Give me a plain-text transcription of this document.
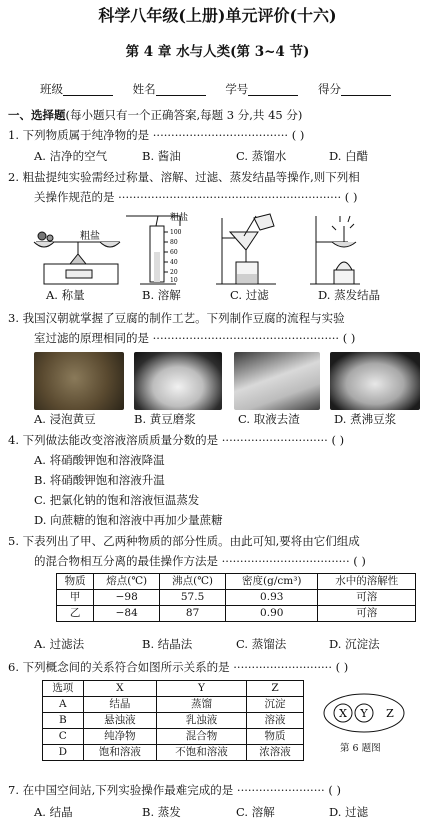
科学八年级(上册)单元评价(十六)
第 4 章 水与人类(第 3~4 节)
班级	姓名	学号	得分
一、选择题(每小题只有一个正确答案,每题 3 分,共 45 分)
1. 下列物质属于纯净物的是 ····································· ( )
A. 洁净的空气	B. 酱油	C. 蒸馏水	D. 白醋
2. 粗盐提纯实验需经过称量、溶解、过滤、蒸发结晶等操作,则下列相
关操作规范的是 ····························································· ( )
粗盐
粗盐
100
80
60
40
20
10
A. 称量	B. 溶解	C. 过滤	D. 蒸发结晶
3. 我国汉朝就掌握了豆腐的制作工艺。下列制作豆腐的流程与实验
室过滤的原理相同的是 ··················································· ( )
A. 浸泡黄豆	B. 黄豆磨浆	C. 取液去渣	D. 煮沸豆浆
4. 下列做法能改变溶液溶质质量分数的是 ····························· ( )
A. 将硝酸钾饱和溶液降温
B. 将硝酸钾饱和溶液升温
C. 把氯化钠的饱和溶液恒温蒸发
D. 向蔗糖的饱和溶液中再加少量蔗糖
5. 下表列出了甲、乙两种物质的部分性质。由此可知,要将由它们组成
的混合物相互分离的最佳操作方法是 ··································· ( )
物质	熔点(℃)	沸点(℃)	密度(g/cm³)	水中的溶解性
甲	−98	57.5	0.93	可溶
乙	−84	87	0.90	可溶
A. 过滤法	B. 结晶法	C. 蒸馏法	D. 沉淀法
6. 下列概念间的关系符合如图所示关系的是 ··························· ( )
选项	X	Y	Z
A	结晶	蒸馏	沉淀
B	悬浊液	乳浊液	溶液
C	纯净物	混合物	物质
D	饱和溶液	不饱和溶液	浓溶液
X Y Z
第 6 题图
7. 在中国空间站,下列实验操作最难完成的是 ························ ( )
A. 结晶	B. 蒸发	C. 溶解	D. 过滤
